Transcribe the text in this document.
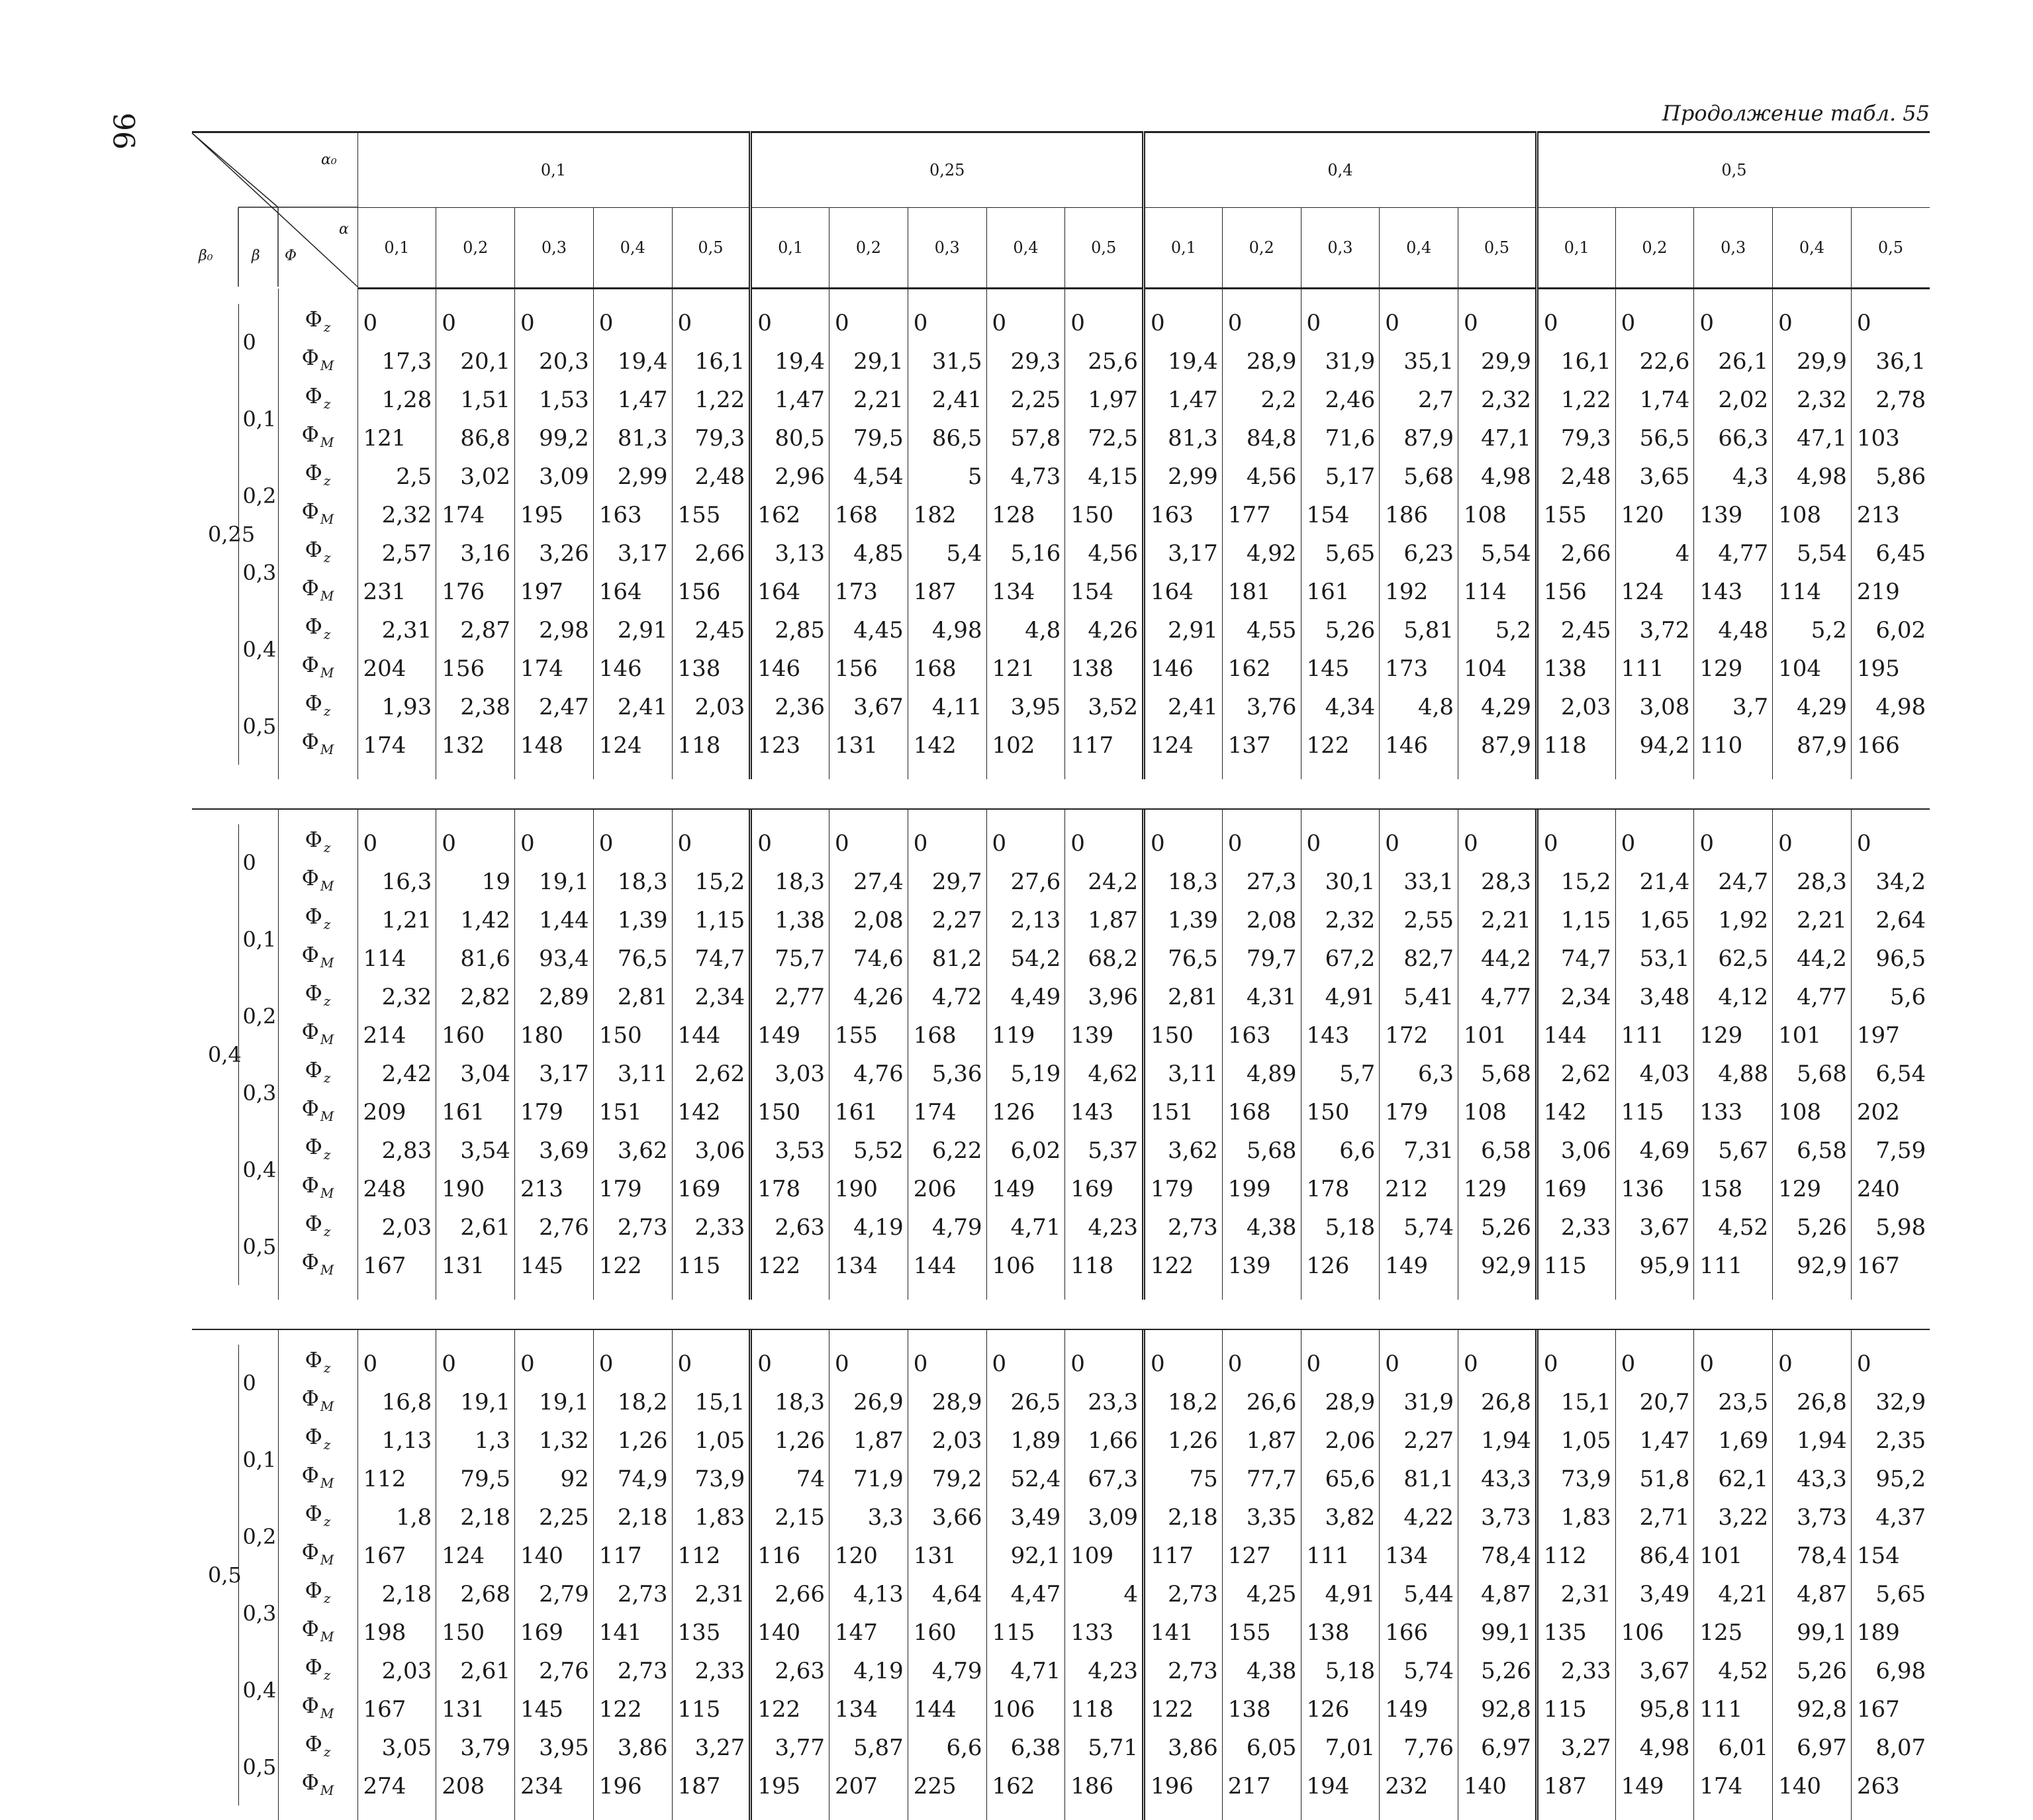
96	Продолжение табл. 55
α₀
β₀ β Φ
α			0,1					0,25					0,4					0,5				
			0,1	0,2	0,3	0,4	0,5	0,1	0,2	0,3	0,4	0,5	0,1	0,2	0,3	0,4	0,5	0,1	0,2	0,3	0,4	0,5

0,25	0	Φ $_z$	0	0	0	0	0	0	0	0	0	0	0	0	0	0	0	0	0	0	0	0
		Φ $_M$	17,3	20,1	20,3	19,4	16,1	19,4	29,1	31,5	29,3	25,6	19,4	28,9	31,9	35,1	29,9	16,1	22,6	26,1	29,9	36,1
	0,1	Φ $_z$	1,28	1,51	1,53	1,47	1,22	1,47	2,21	2,41	2,25	1,97	1,47	2,2	2,46	2,7	2,32	1,22	1,74	2,02	2,32	2,78
		Φ $_M$	121	86,8	99,2	81,3	79,3	80,5	79,5	86,5	57,8	72,5	81,3	84,8	71,6	87,9	47,1	79,3	56,5	66,3	47,1	103
	0,2	Φ $_z$	2,5	3,02	3,09	2,99	2,48	2,96	4,54	5	4,73	4,15	2,99	4,56	5,17	5,68	4,98	2,48	3,65	4,3	4,98	5,86
		Φ $_M$	2,32	174	195	163	155	162	168	182	128	150	163	177	154	186	108	155	120	139	108	213
	0,3	Φ $_z$	2,57	3,16	3,26	3,17	2,66	3,13	4,85	5,4	5,16	4,56	3,17	4,92	5,65	6,23	5,54	2,66	4	4,77	5,54	6,45
		Φ $_M$	231	176	197	164	156	164	173	187	134	154	164	181	161	192	114	156	124	143	114	219
	0,4	Φ $_z$	2,31	2,87	2,98	2,91	2,45	2,85	4,45	4,98	4,8	4,26	2,91	4,55	5,26	5,81	5,2	2,45	3,72	4,48	5,2	6,02
		Φ $_M$	204	156	174	146	138	146	156	168	121	138	146	162	145	173	104	138	111	129	104	195
	0,5	Φ $_z$	1,93	2,38	2,47	2,41	2,03	2,36	3,67	4,11	3,95	3,52	2,41	3,76	4,34	4,8	4,29	2,03	3,08	3,7	4,29	4,98
		Φ $_M$	174	132	148	124	118	123	131	142	102	117	124	137	122	146	87,9	118	94,2	110	87,9	166

0,4	0	Φ $_z$	0	0	0	0	0	0	0	0	0	0	0	0	0	0	0	0	0	0	0	0
		Φ $_M$	16,3	19	19,1	18,3	15,2	18,3	27,4	29,7	27,6	24,2	18,3	27,3	30,1	33,1	28,3	15,2	21,4	24,7	28,3	34,2
	0,1	Φ $_z$	1,21	1,42	1,44	1,39	1,15	1,38	2,08	2,27	2,13	1,87	1,39	2,08	2,32	2,55	2,21	1,15	1,65	1,92	2,21	2,64
		Φ $_M$	114	81,6	93,4	76,5	74,7	75,7	74,6	81,2	54,2	68,2	76,5	79,7	67,2	82,7	44,2	74,7	53,1	62,5	44,2	96,5
	0,2	Φ $_z$	2,32	2,82	2,89	2,81	2,34	2,77	4,26	4,72	4,49	3,96	2,81	4,31	4,91	5,41	4,77	2,34	3,48	4,12	4,77	5,6
		Φ $_M$	214	160	180	150	144	149	155	168	119	139	150	163	143	172	101	144	111	129	101	197
	0,3	Φ $_z$	2,42	3,04	3,17	3,11	2,62	3,03	4,76	5,36	5,19	4,62	3,11	4,89	5,7	6,3	5,68	2,62	4,03	4,88	5,68	6,54
		Φ $_M$	209	161	179	151	142	150	161	174	126	143	151	168	150	179	108	142	115	133	108	202
	0,4	Φ $_z$	2,83	3,54	3,69	3,62	3,06	3,53	5,52	6,22	6,02	5,37	3,62	5,68	6,6	7,31	6,58	3,06	4,69	5,67	6,58	7,59
		Φ $_M$	248	190	213	179	169	178	190	206	149	169	179	199	178	212	129	169	136	158	129	240
	0,5	Φ $_z$	2,03	2,61	2,76	2,73	2,33	2,63	4,19	4,79	4,71	4,23	2,73	4,38	5,18	5,74	5,26	2,33	3,67	4,52	5,26	5,98
		Φ $_M$	167	131	145	122	115	122	134	144	106	118	122	139	126	149	92,9	115	95,9	111	92,9	167

0,5	0	Φ $_z$	0	0	0	0	0	0	0	0	0	0	0	0	0	0	0	0	0	0	0	0
		Φ $_M$	16,8	19,1	19,1	18,2	15,1	18,3	26,9	28,9	26,5	23,3	18,2	26,6	28,9	31,9	26,8	15,1	20,7	23,5	26,8	32,9
	0,1	Φ $_z$	1,13	1,3	1,32	1,26	1,05	1,26	1,87	2,03	1,89	1,66	1,26	1,87	2,06	2,27	1,94	1,05	1,47	1,69	1,94	2,35
		Φ $_M$	112	79,5	92	74,9	73,9	74	71,9	79,2	52,4	67,3	75	77,7	65,6	81,1	43,3	73,9	51,8	62,1	43,3	95,2
	0,2	Φ $_z$	1,8	2,18	2,25	2,18	1,83	2,15	3,3	3,66	3,49	3,09	2,18	3,35	3,82	4,22	3,73	1,83	2,71	3,22	3,73	4,37
		Φ $_M$	167	124	140	117	112	116	120	131	92,1	109	117	127	111	134	78,4	112	86,4	101	78,4	154
	0,3	Φ $_z$	2,18	2,68	2,79	2,73	2,31	2,66	4,13	4,64	4,47	4	2,73	4,25	4,91	5,44	4,87	2,31	3,49	4,21	4,87	5,65
		Φ $_M$	198	150	169	141	135	140	147	160	115	133	141	155	138	166	99,1	135	106	125	99,1	189
	0,4	Φ $_z$	2,03	2,61	2,76	2,73	2,33	2,63	4,19	4,79	4,71	4,23	2,73	4,38	5,18	5,74	5,26	2,33	3,67	4,52	5,26	6,98
		Φ $_M$	167	131	145	122	115	122	134	144	106	118	122	138	126	149	92,8	115	95,8	111	92,8	167
	0,5	Φ $_z$	3,05	3,79	3,95	3,86	3,27	3,77	5,87	6,6	6,38	5,71	3,86	6,05	7,01	7,76	6,97	3,27	4,98	6,01	6,97	8,07
		Φ $_M$	274	208	234	196	187	195	207	225	162	186	196	217	194	232	140	187	149	174	140	263
